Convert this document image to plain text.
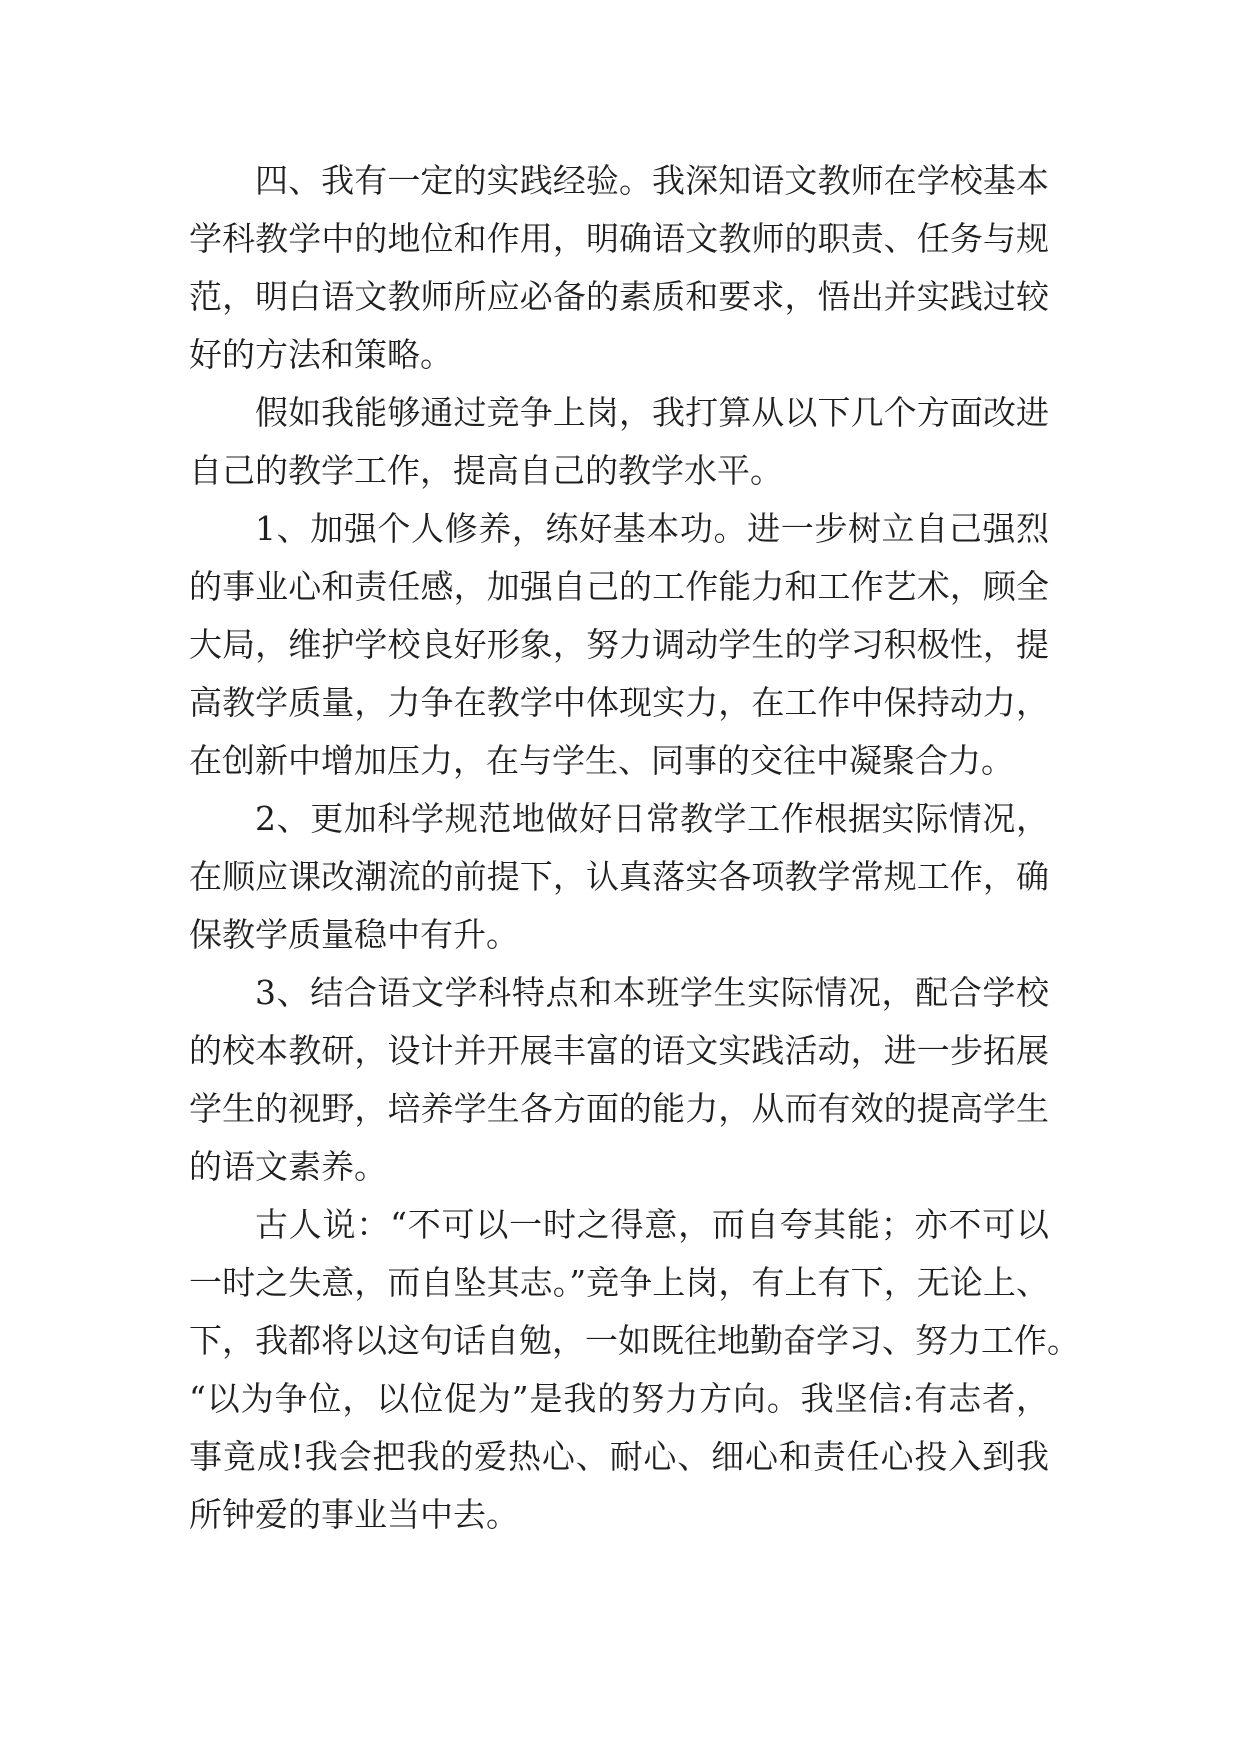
四、我有一定的实践经验。我深知语文教师在学校基本
学科教学中的地位和作用，明确语文教师的职责、任务与规
范，明白语文教师所应必备的素质和要求，悟出并实践过较
好的方法和策略。
假如我能够通过竞争上岗，我打算从以下几个方面改进
自己的教学工作，提高自己的教学水平。
1、加强个人修养，练好基本功。进一步树立自己强烈
的事业心和责任感，加强自己的工作能力和工作艺术，顾全
大局，维护学校良好形象，努力调动学生的学习积极性，提
高教学质量，力争在教学中体现实力，在工作中保持动力，
在创新中增加压力，在与学生、同事的交往中凝聚合力。
2、更加科学规范地做好日常教学工作根据实际情况，
在顺应课改潮流的前提下，认真落实各项教学常规工作，确
保教学质量稳中有升。
3、结合语文学科特点和本班学生实际情况，配合学校
的校本教研，设计并开展丰富的语文实践活动，进一步拓展
学生的视野，培养学生各方面的能力，从而有效的提高学生
的语文素养。
古人说：“不可以一时之得意，而自夸其能；亦不可以
一时之失意，而自坠其志。”竞争上岗，有上有下，无论上、
下，我都将以这句话自勉，一如既往地勤奋学习、努力工作。
“以为争位，以位促为”是我的努力方向。我坚信:有志者，
事竟成!我会把我的爱热心、耐心、细心和责任心投入到我
所钟爱的事业当中去。
